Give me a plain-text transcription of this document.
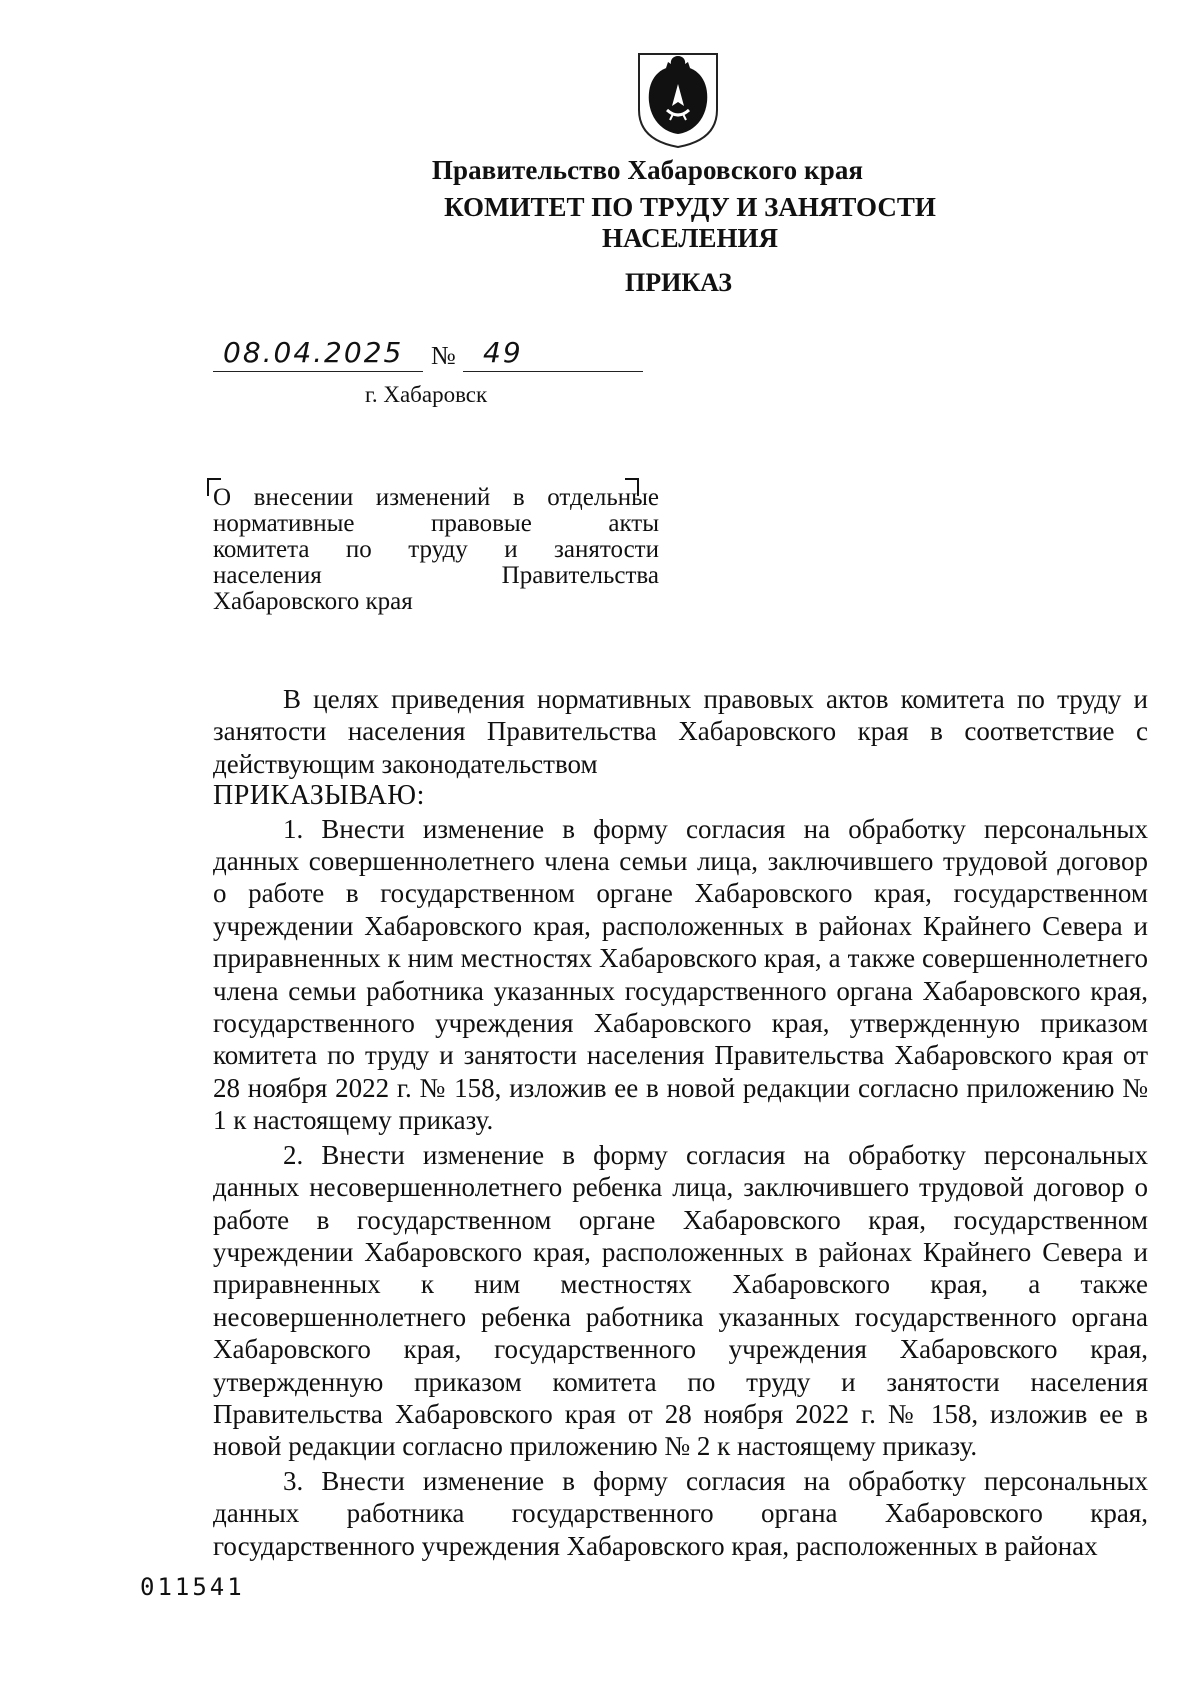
Правительство Хабаровского края
КОМИТЕТ ПО ТРУДУ И ЗАНЯТОСТИ НАСЕЛЕНИЯ
ПРИКАЗ
08.04.2025	№ 49
г. Хабаровск
О внесении изменений в отдельные
нормативные правовые акты
комитета по труду и занятости
населения Правительства
Хабаровского края

В целях приведения нормативных правовых актов комитета по труду и занятости населения Правительства Хабаровского края в соответствие с действующим законодательством

ПРИКАЗЫВАЮ:

1. Внести изменение в форму согласия на обработку персональных данных совершеннолетнего члена семьи лица, заключившего трудовой договор о работе в государственном органе Хабаровского края, государственном учреждении Хабаровского края, расположенных в районах Крайнего Севера и приравненных к ним местностях Хабаровского края, а также совершеннолетнего члена семьи работника указанных государственного органа Хабаровского края, государственного учреждения Хабаровского края, утвержденную приказом комитета по труду и занятости населения Правительства Хабаровского края от 28 ноября 2022 г. № 158, изложив ее в новой редакции согласно приложению № 1 к настоящему приказу.

2. Внести изменение в форму согласия на обработку персональных данных несовершеннолетнего ребенка лица, заключившего трудовой договор о работе в государственном органе Хабаровского края, государственном учреждении Хабаровского края, расположенных в районах Крайнего Севера и приравненных к ним местностях Хабаровского края, а также несовершеннолетнего ребенка работника указанных государственного органа Хабаровского края, государственного учреждения Хабаровского края, утвержденную приказом комитета по труду и занятости населения Правительства Хабаровского края от 28 ноября 2022 г. № 158, изложив ее в новой редакции согласно приложению № 2 к настоящему приказу.

3. Внести изменение в форму согласия на обработку персональных данных работника государственного органа Хабаровского края, государственного учреждения Хабаровского края, расположенных в районах

011541
